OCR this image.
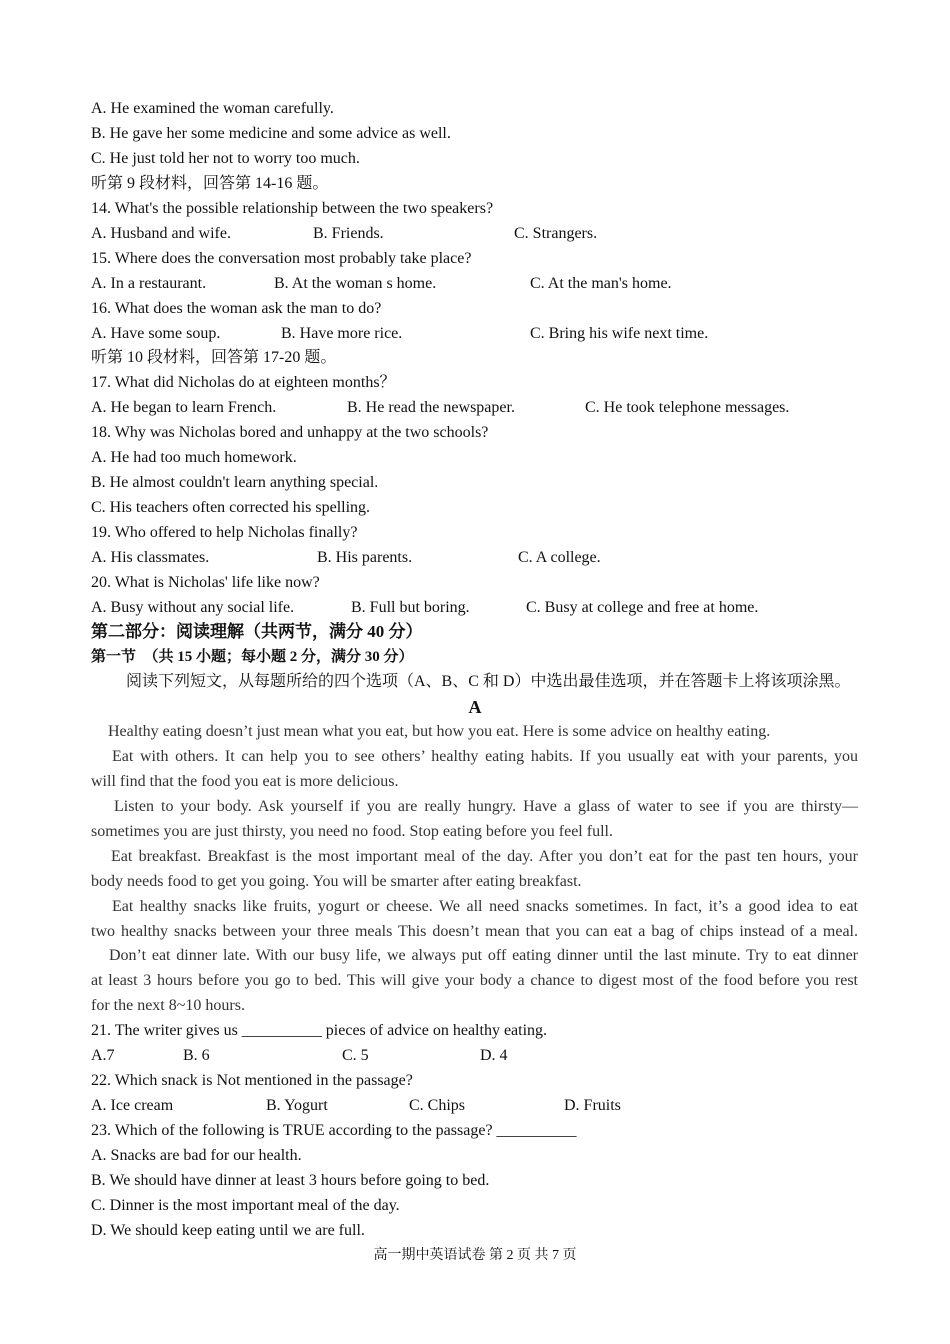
A. He examined the woman carefully.
B. He gave her some medicine and some advice as well.
C. He just told her not to worry too much.
听第 9 段材料，回答第 14-16 题。
14. What's the possible relationship between the two speakers?
A. Husband and wife.	B. Friends.	C. Strangers.
15. Where does the conversation most probably take place?
A. In a restaurant.	B. At the woman s home.	C. At the man's home.
16. What does the woman ask the man to do?
A. Have some soup.	B. Have more rice.	C. Bring his wife next time.
听第 10 段材料，回答第 17-20 题。
17. What did Nicholas do at eighteen months？
A. He began to learn French.	B. He read the newspaper.	C. He took telephone messages.
18. Why was Nicholas bored and unhappy at the two schools?
A. He had too much homework.
B. He almost couldn't learn anything special.
C. His teachers often corrected his spelling.
19. Who offered to help Nicholas finally?
A. His classmates.	B. His parents.	C. A college.
20. What is Nicholas' life like now?
A. Busy without any social life.	B. Full but boring.	C. Busy at college and free at home.
第二部分：阅读理解（共两节，满分 40 分）
第一节　（共 15 小题；每小题 2 分，满分 30 分）
阅读下列短文，从每题所给的四个选项（A、B、C 和 D）中选出最佳选项，并在答题卡上将该项涂黑。
A
Healthy eating doesn’t just mean what you eat, but how you eat. Here is some advice on healthy eating.
Eat with others. It can help you to see others’ healthy eating habits. If you usually eat with your parents, you
will find that the food you eat is more delicious.
Listen to your body. Ask yourself if you are really hungry. Have a glass of water to see if you are thirsty—
sometimes you are just thirsty, you need no food. Stop eating before you feel full.
Eat breakfast. Breakfast is the most important meal of the day. After you don’t eat for the past ten hours, your
body needs food to get you going. You will be smarter after eating breakfast.
Eat healthy snacks like fruits, yogurt or cheese. We all need snacks sometimes. In fact, it’s a good idea to eat
two healthy snacks between your three meals This doesn’t mean that you can eat a bag of chips instead of a meal.
Don’t eat dinner late. With our busy life, we always put off eating dinner until the last minute. Try to eat dinner
at least 3 hours before you go to bed. This will give your body a chance to digest most of the food before you rest
for the next 8~10 hours.
21. The writer gives us __________ pieces of advice on healthy eating.
A.7	B. 6	C. 5	D. 4
22. Which snack is Not mentioned in the passage?
A. Ice cream	B. Yogurt	C. Chips	D. Fruits
23. Which of the following is TRUE according to the passage? __________
A. Snacks are bad for our health.
B. We should have dinner at least 3 hours before going to bed.
C. Dinner is the most important meal of the day.
D. We should keep eating until we are full.
高一期中英语试卷 第 2 页 共 7 页
